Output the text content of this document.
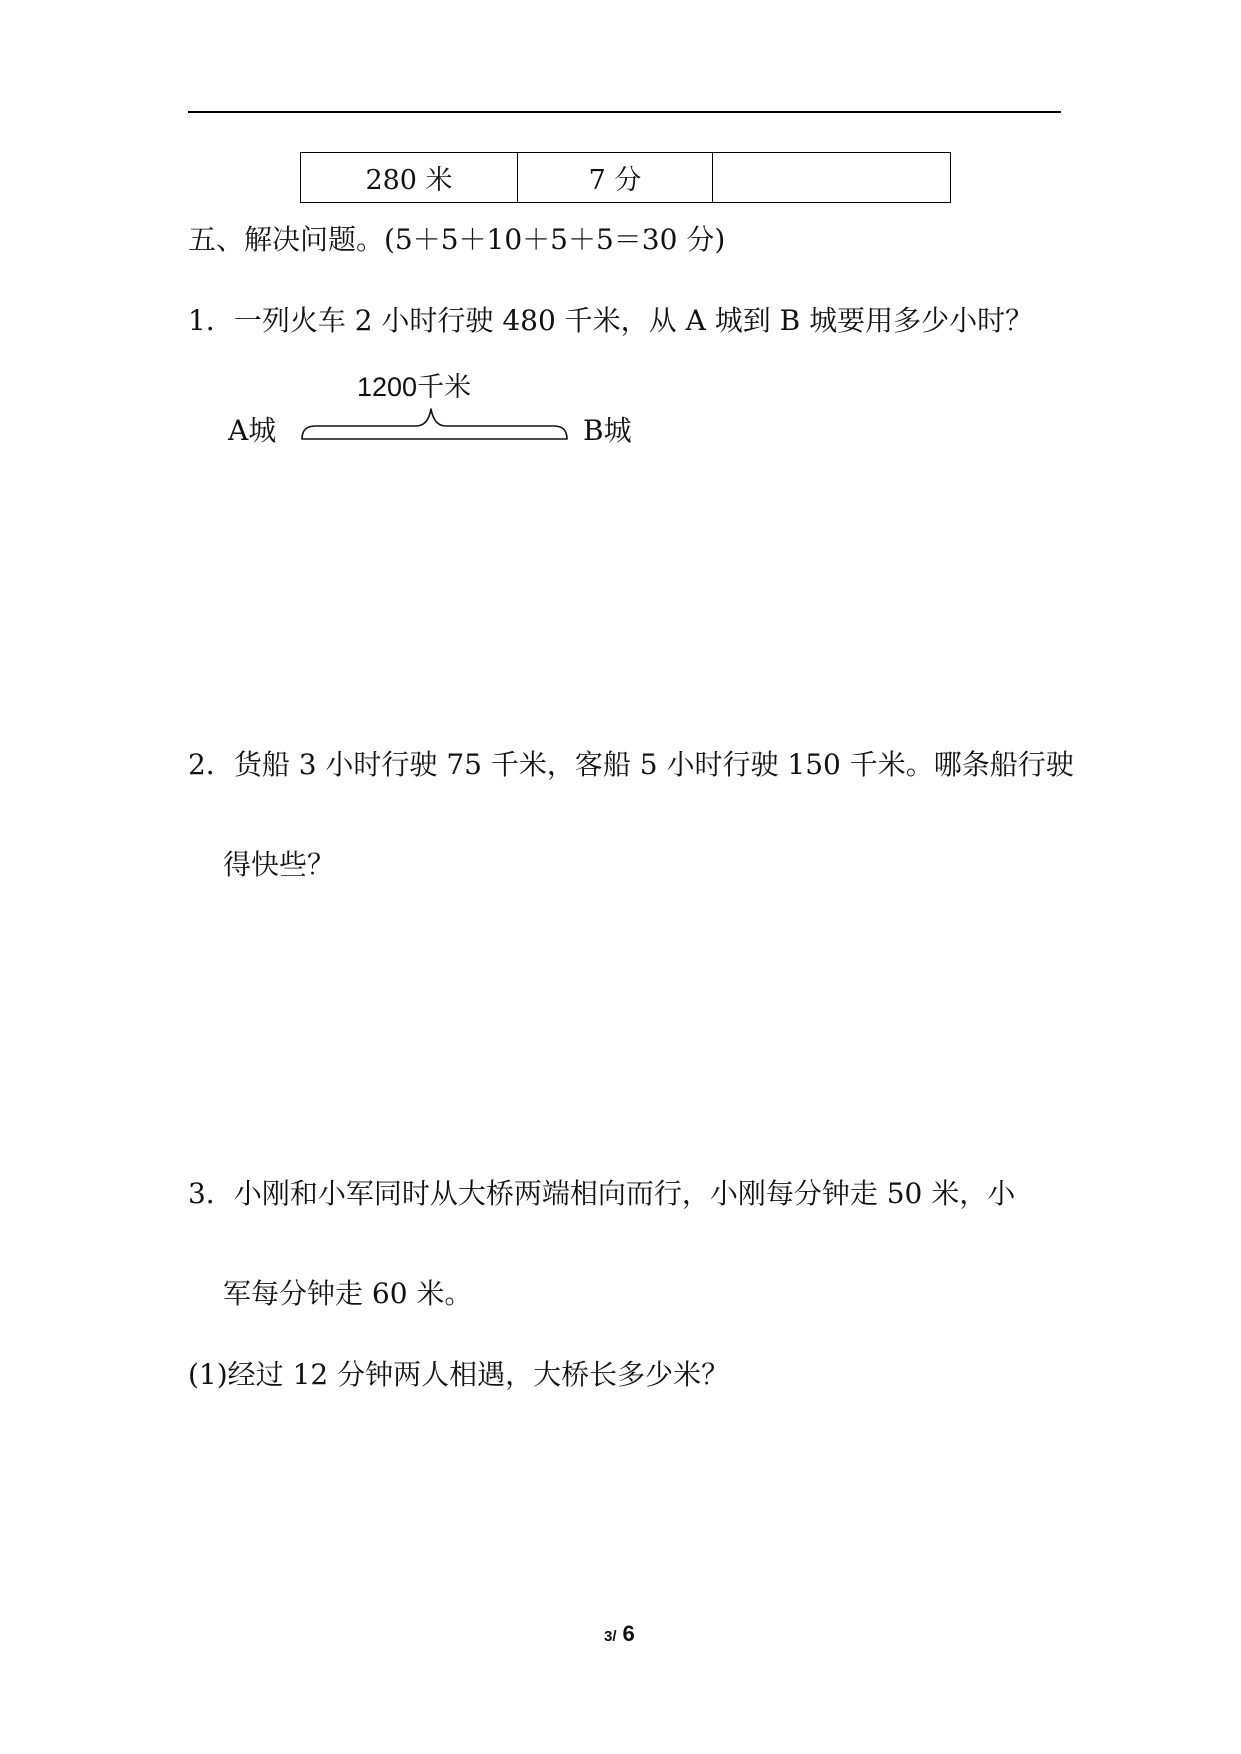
280 米	7 分	
五、解决问题。(5＋5＋10＋5＋5＝30 分)
1．一列火车 2 小时行驶 480 千米，从 A 城到 B 城要用多少小时？
A城
1200千米
B城
2．货船 3 小时行驶 75 千米，客船 5 小时行驶 150 千米。哪条船行驶
得快些？
3．小刚和小军同时从大桥两端相向而行，小刚每分钟走 50 米，小
军每分钟走 60 米。
(1)经过 12 分钟两人相遇，大桥长多少米？
3/ 6
